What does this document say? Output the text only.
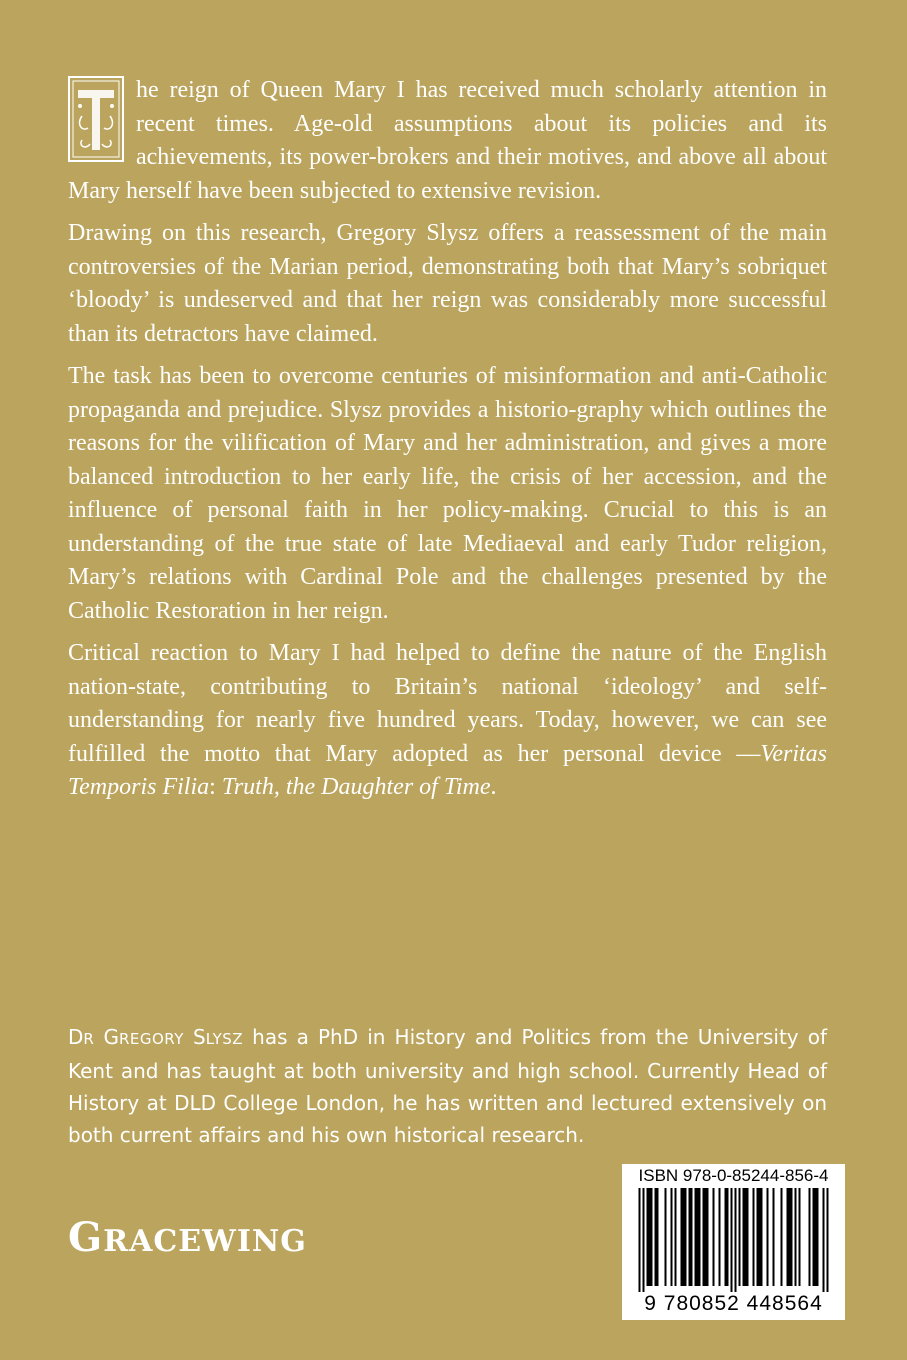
T
he reign of Queen Mary I has received much scholarly attention in recent times. Age-old assumptions about its policies and its achievements, its power-brokers and their motives, and above all about Mary herself have been subjected to extensive revision.

Drawing on this research, Gregory Slysz offers a reassessment of the main controversies of the Marian period, demonstrating both that Mary’s sobriquet ‘bloody’ is undeserved and that her reign was considerably more successful than its detractors have claimed.

The task has been to overcome centuries of misinformation and anti-Catholic propaganda and prejudice. Slysz provides a historio-graphy which outlines the reasons for the vilification of Mary and her administration, and gives a more balanced introduction to her early life, the crisis of her accession, and the influence of personal faith in her policy-making. Crucial to this is an understanding of the true state of late Mediaeval and early Tudor religion, Mary’s relations with Cardinal Pole and the challenges presented by the Catholic Restoration in her reign.

Critical reaction to Mary I had helped to define the nature of the English nation-state, contributing to Britain’s national ‘ideology’ and self-understanding for nearly five hundred years. Today, however, we can see fulfilled the motto that Mary adopted as her personal device —Veritas Temporis Filia: Truth, the Daughter of Time.

DR GREGORY SLYSZ has a PhD in History and Politics from the University of Kent and has taught at both university and high school. Currently Head of History at DLD College London, he has written and lectured extensively on both current affairs and his own historical research.
GRACEWING
ISBN 978-0-85244-856-4
9 780852 448564
